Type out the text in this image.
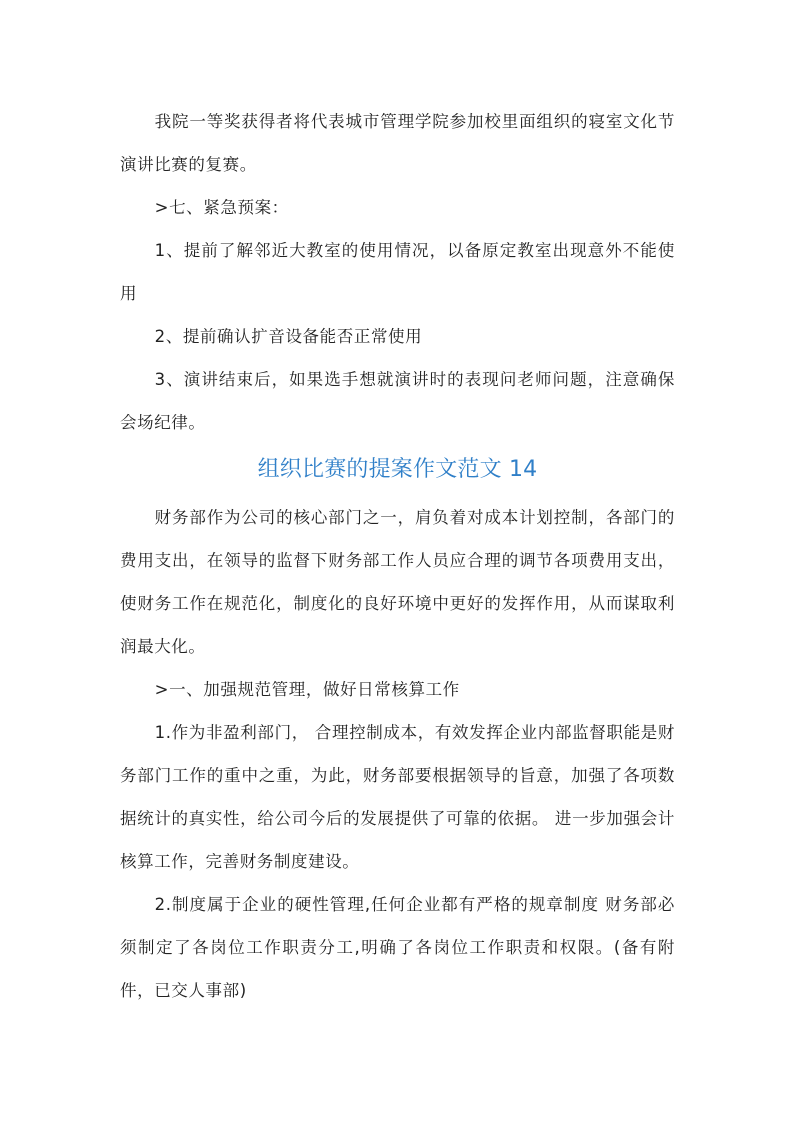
我院一等奖获得者将代表城市管理学院参加校里面组织的寝室文化节演讲比赛的复赛。

>七、紧急预案：

1、提前了解邻近大教室的使用情况，以备原定教室出现意外不能使用

2、提前确认扩音设备能否正常使用

3、演讲结束后，如果选手想就演讲时的表现问老师问题，注意确保会场纪律。

组织比赛的提案作文范文 14

财务部作为公司的核心部门之一，肩负着对成本计划控制，各部门的费用支出，在领导的监督下财务部工作人员应合理的调节各项费用支出，使财务工作在规范化，制度化的良好环境中更好的发挥作用，从而谋取利润最大化。

>一、加强规范管理，做好日常核算工作

1.作为非盈利部门， 合理控制成本，有效发挥企业内部监督职能是财务部门工作的重中之重，为此，财务部要根据领导的旨意，加强了各项数据统计的真实性，给公司今后的发展提供了可靠的依据。 进一步加强会计核算工作，完善财务制度建设。

2.制度属于企业的硬性管理,任何企业都有严格的规章制度 财务部必须制定了各岗位工作职责分工,明确了各岗位工作职责和权限。(备有附件，已交人事部)
